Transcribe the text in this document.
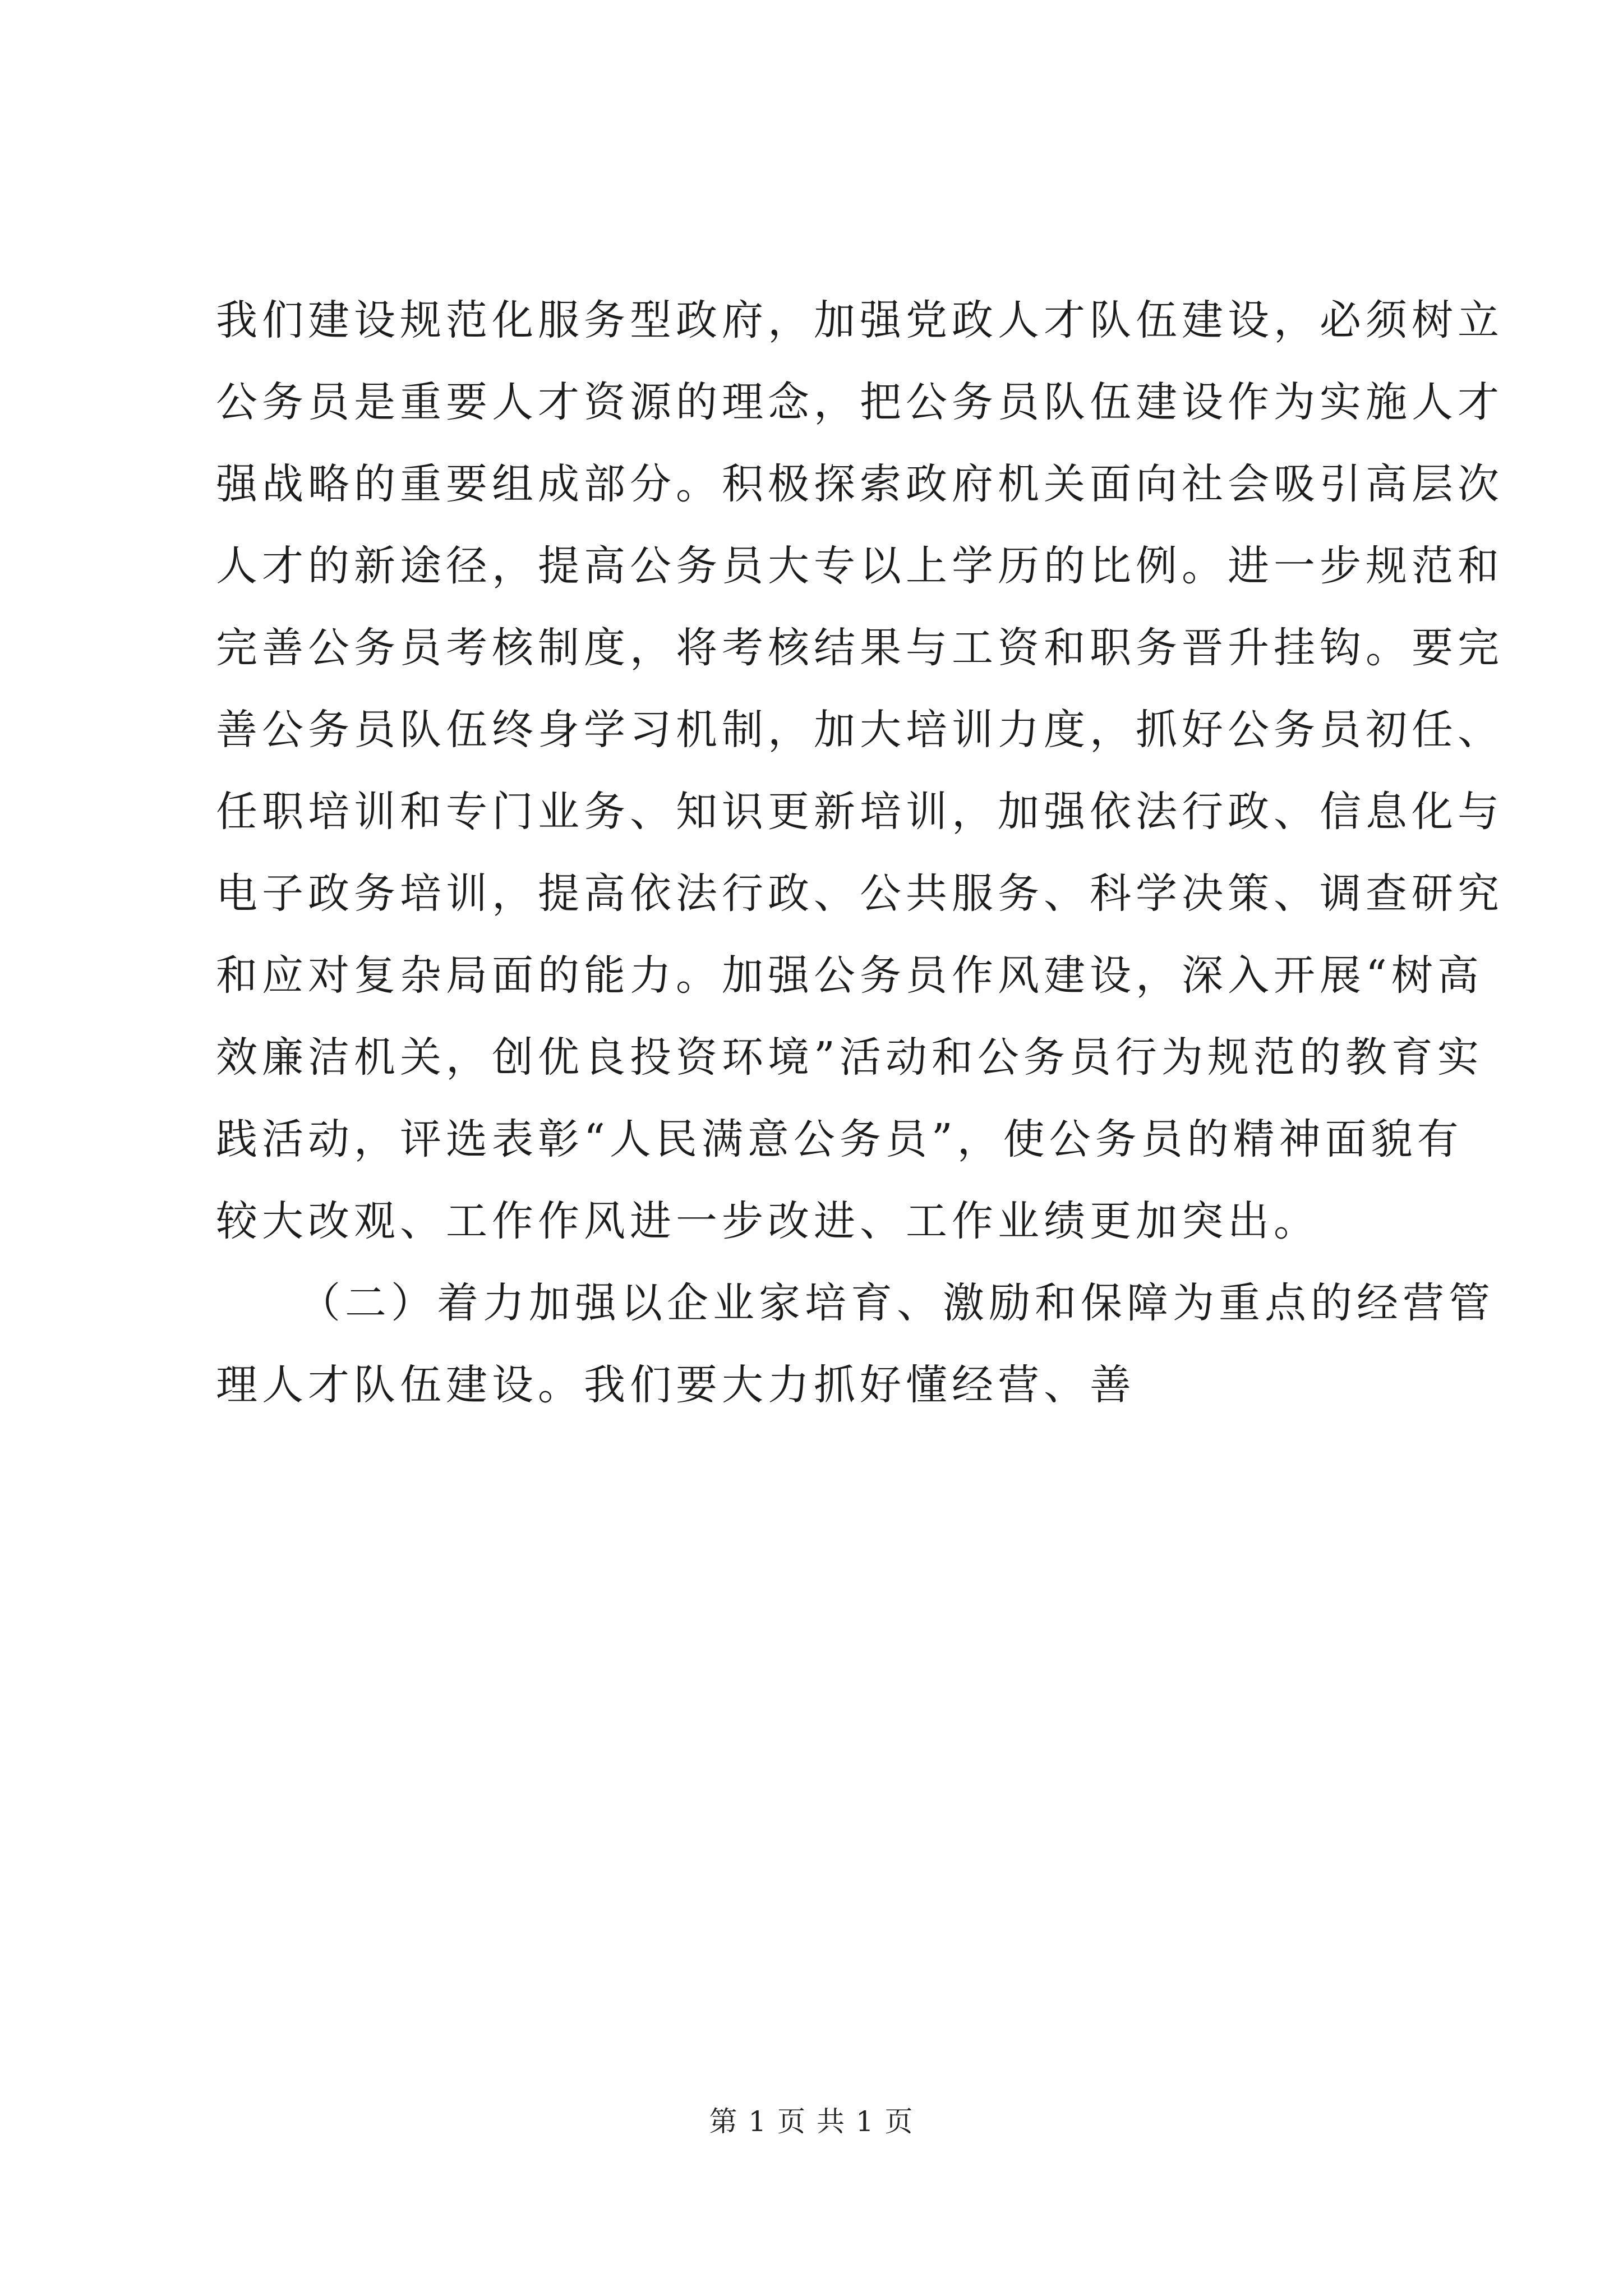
我们建设规范化服务型政府，加强党政人才队伍建设，必须树立
公务员是重要人才资源的理念，把公务员队伍建设作为实施人才
强战略的重要组成部分。积极探索政府机关面向社会吸引高层次
人才的新途径，提高公务员大专以上学历的比例。进一步规范和
完善公务员考核制度，将考核结果与工资和职务晋升挂钩。要完
善公务员队伍终身学习机制，加大培训力度，抓好公务员初任、
任职培训和专门业务、知识更新培训，加强依法行政、信息化与
电子政务培训，提高依法行政、公共服务、科学决策、调查研究
和应对复杂局面的能力。加强公务员作风建设，深入开展“树高
效廉洁机关，创优良投资环境”活动和公务员行为规范的教育实
践活动，评选表彰“人民满意公务员”，使公务员的精神面貌有
较大改观、工作作风进一步改进、工作业绩更加突出。
（二）着力加强以企业家培育、激励和保障为重点的经营管
理人才队伍建设。我们要大力抓好懂经营、善
第 1 页 共 1 页
